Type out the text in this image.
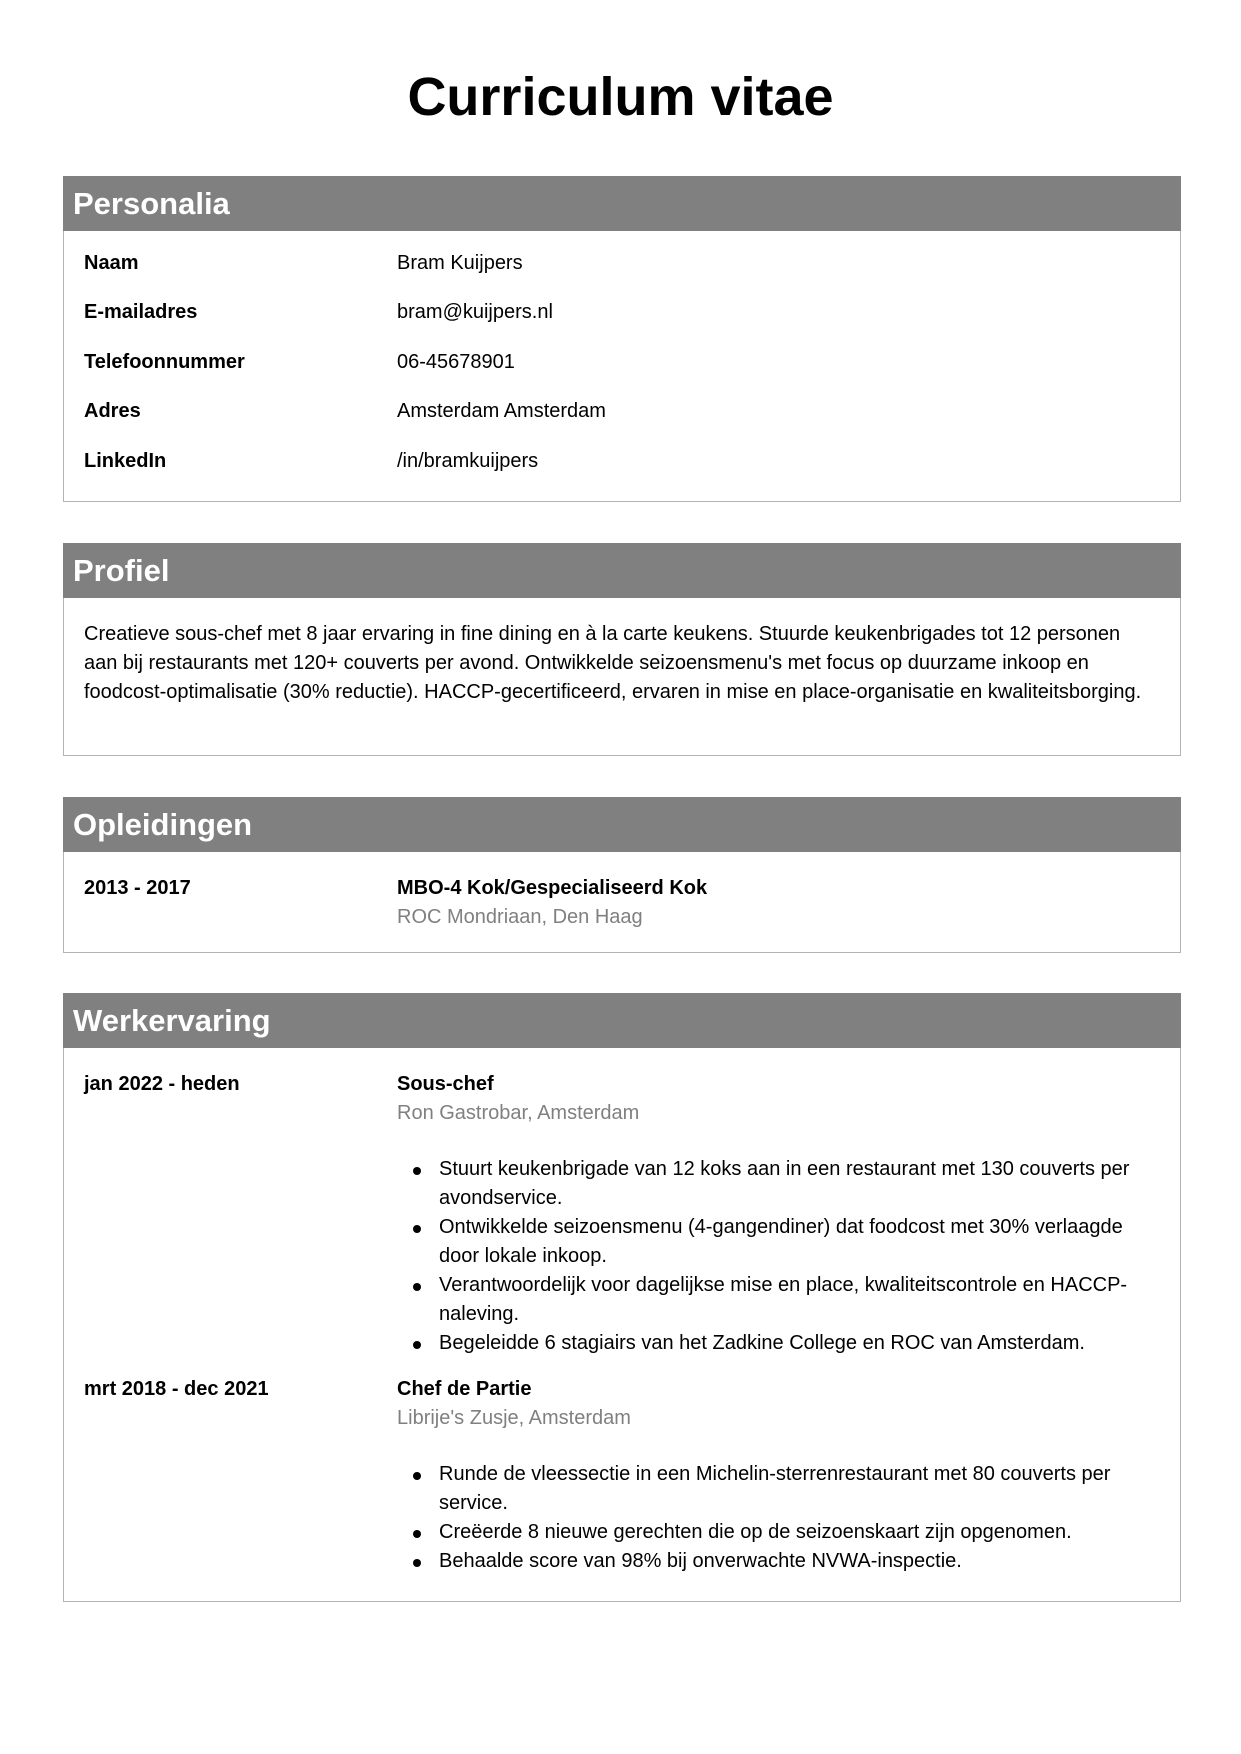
Curriculum vitae
Personalia
Naam	Bram Kuijpers
E-mailadres	bram@kuijpers.nl
Telefoonnummer	06-45678901
Adres	Amsterdam Amsterdam
LinkedIn	/in/bramkuijpers
Profiel
Creatieve sous-chef met 8 jaar ervaring in fine dining en à la carte keukens. Stuurde keukenbrigades tot 12 personen aan bij restaurants met 120+ couverts per avond. Ontwikkelde seizoensmenu's met focus op duurzame inkoop en foodcost-optimalisatie (30% reductie). HACCP-gecertificeerd, ervaren in mise en place-organisatie en kwaliteitsborging.
Opleidingen
2013 - 2017	MBO-4 Kok/Gespecialiseerd Kok
ROC Mondriaan, Den Haag
Werkervaring
jan 2022 - heden	Sous-chef
Ron Gastrobar, Amsterdam
Stuurt keukenbrigade van 12 koks aan in een restaurant met 130 couverts per avondservice.
Ontwikkelde seizoensmenu (4-gangendiner) dat foodcost met 30% verlaagde door lokale inkoop.
Verantwoordelijk voor dagelijkse mise en place, kwaliteitscontrole en HACCP-naleving.
Begeleidde 6 stagiairs van het Zadkine College en ROC van Amsterdam.
mrt 2018 - dec 2021	Chef de Partie
Librije's Zusje, Amsterdam
Runde de vleessectie in een Michelin-sterrenrestaurant met 80 couverts per service.
Creëerde 8 nieuwe gerechten die op de seizoenskaart zijn opgenomen.
Behaalde score van 98% bij onverwachte NVWA-inspectie.
